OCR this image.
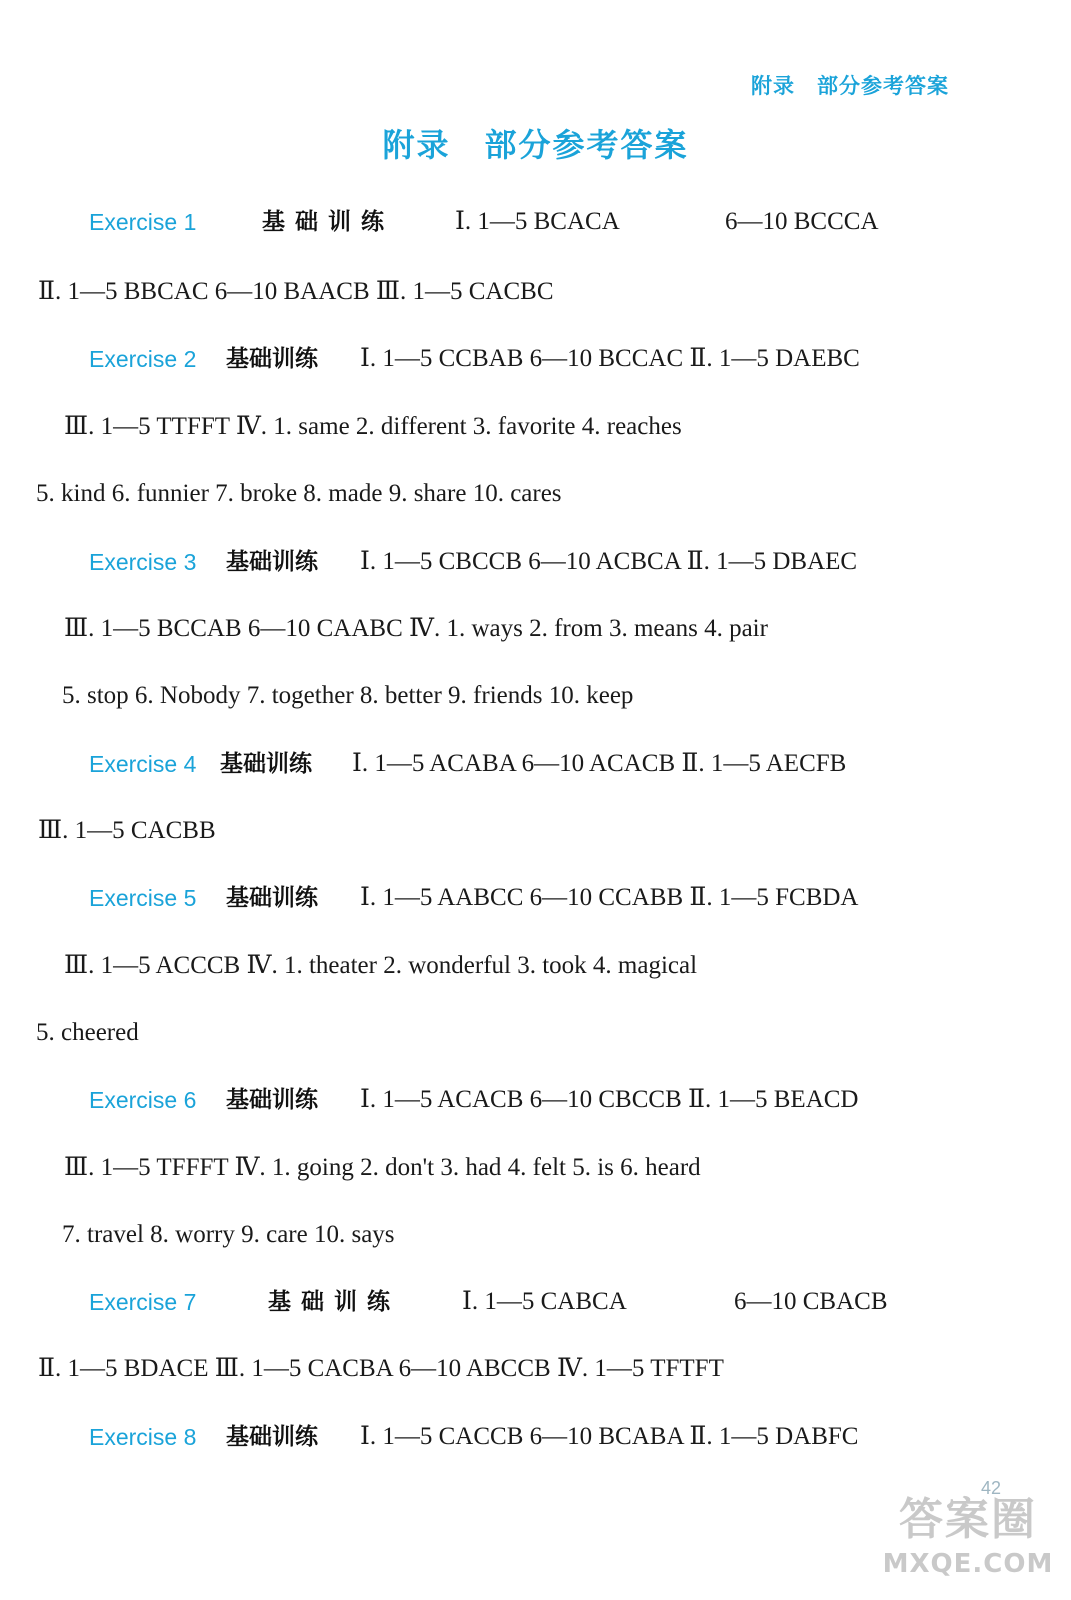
附录 部分参考答案
附录 部分参考答案
Exercise 1	基础训练 Ⅰ. 1—5 BCACA	6—10 BCCCA
Ⅱ. 1—5 BBCAC 6—10 BAACB Ⅲ. 1—5 CACBC
Exercise 2 基础训练 Ⅰ. 1—5 CCBAB 6—10 BCCAC Ⅱ. 1—5 DAEBC
Ⅲ. 1—5 TTFFT Ⅳ. 1. same 2. different 3. favorite 4. reaches
5. kind 6. funnier 7. broke 8. made 9. share 10. cares
Exercise 3 基础训练 Ⅰ. 1—5 CBCCB 6—10 ACBCA Ⅱ. 1—5 DBAEC
Ⅲ. 1—5 BCCAB 6—10 CAABC Ⅳ. 1. ways 2. from 3. means 4. pair
5. stop 6. Nobody 7. together 8. better 9. friends 10. keep
Exercise 4 基础训练 Ⅰ. 1—5 ACABA 6—10 ACACB Ⅱ. 1—5 AECFB
Ⅲ. 1—5 CACBB
Exercise 5 基础训练 Ⅰ. 1—5 AABCC 6—10 CCABB Ⅱ. 1—5 FCBDA
Ⅲ. 1—5 ACCCB Ⅳ. 1. theater 2. wonderful 3. took 4. magical
5. cheered
Exercise 6 基础训练 Ⅰ. 1—5 ACACB 6—10 CBCCB Ⅱ. 1—5 BEACD
Ⅲ. 1—5 TFFFT Ⅳ. 1. going 2. don't 3. had 4. felt 5. is 6. heard
7. travel 8. worry 9. care 10. says
Exercise 7	基础训练 Ⅰ. 1—5 CABCA	6—10 CBACB
Ⅱ. 1—5 BDACE Ⅲ. 1—5 CACBA 6—10 ABCCB Ⅳ. 1—5 TFTFT
Exercise 8 基础训练 Ⅰ. 1—5 CACCB 6—10 BCABA Ⅱ. 1—5 DABFC
42
答案圈
MXQE.COM
